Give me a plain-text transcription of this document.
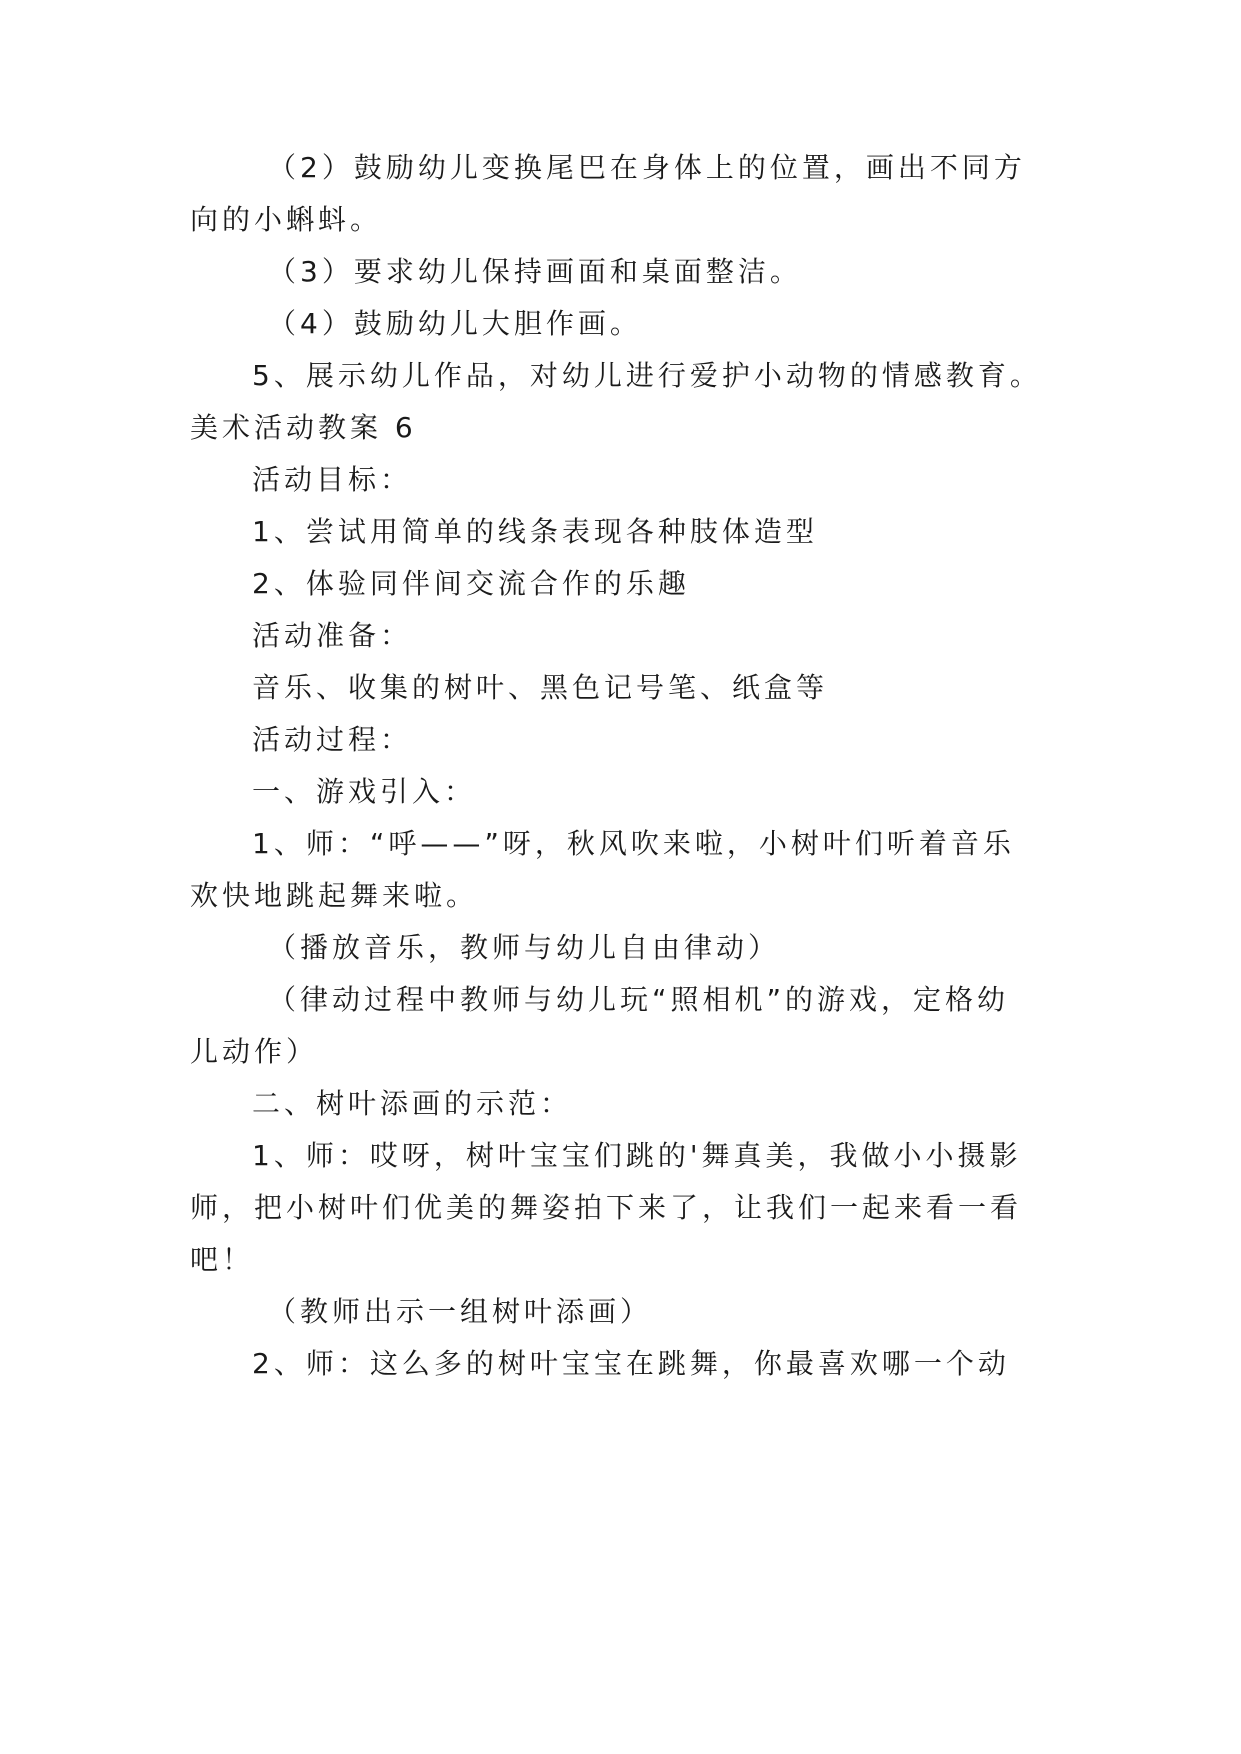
（2）鼓励幼儿变换尾巴在身体上的位置，画出不同方
向的小蝌蚪。
（3）要求幼儿保持画面和桌面整洁。
（4）鼓励幼儿大胆作画。
5、展示幼儿作品，对幼儿进行爱护小动物的情感教育。
美术活动教案 6
活动目标：
1、尝试用简单的线条表现各种肢体造型
2、体验同伴间交流合作的乐趣
活动准备：
音乐、收集的树叶、黑色记号笔、纸盒等
活动过程：
一、游戏引入：
1、师：“呼——”呀，秋风吹来啦，小树叶们听着音乐
欢快地跳起舞来啦。
（播放音乐，教师与幼儿自由律动）
（律动过程中教师与幼儿玩“照相机”的游戏，定格幼
儿动作）
二、树叶添画的示范：
1、师：哎呀，树叶宝宝们跳的'舞真美，我做小小摄影
师，把小树叶们优美的舞姿拍下来了，让我们一起来看一看
吧！
（教师出示一组树叶添画）
2、师：这么多的树叶宝宝在跳舞，你最喜欢哪一个动
